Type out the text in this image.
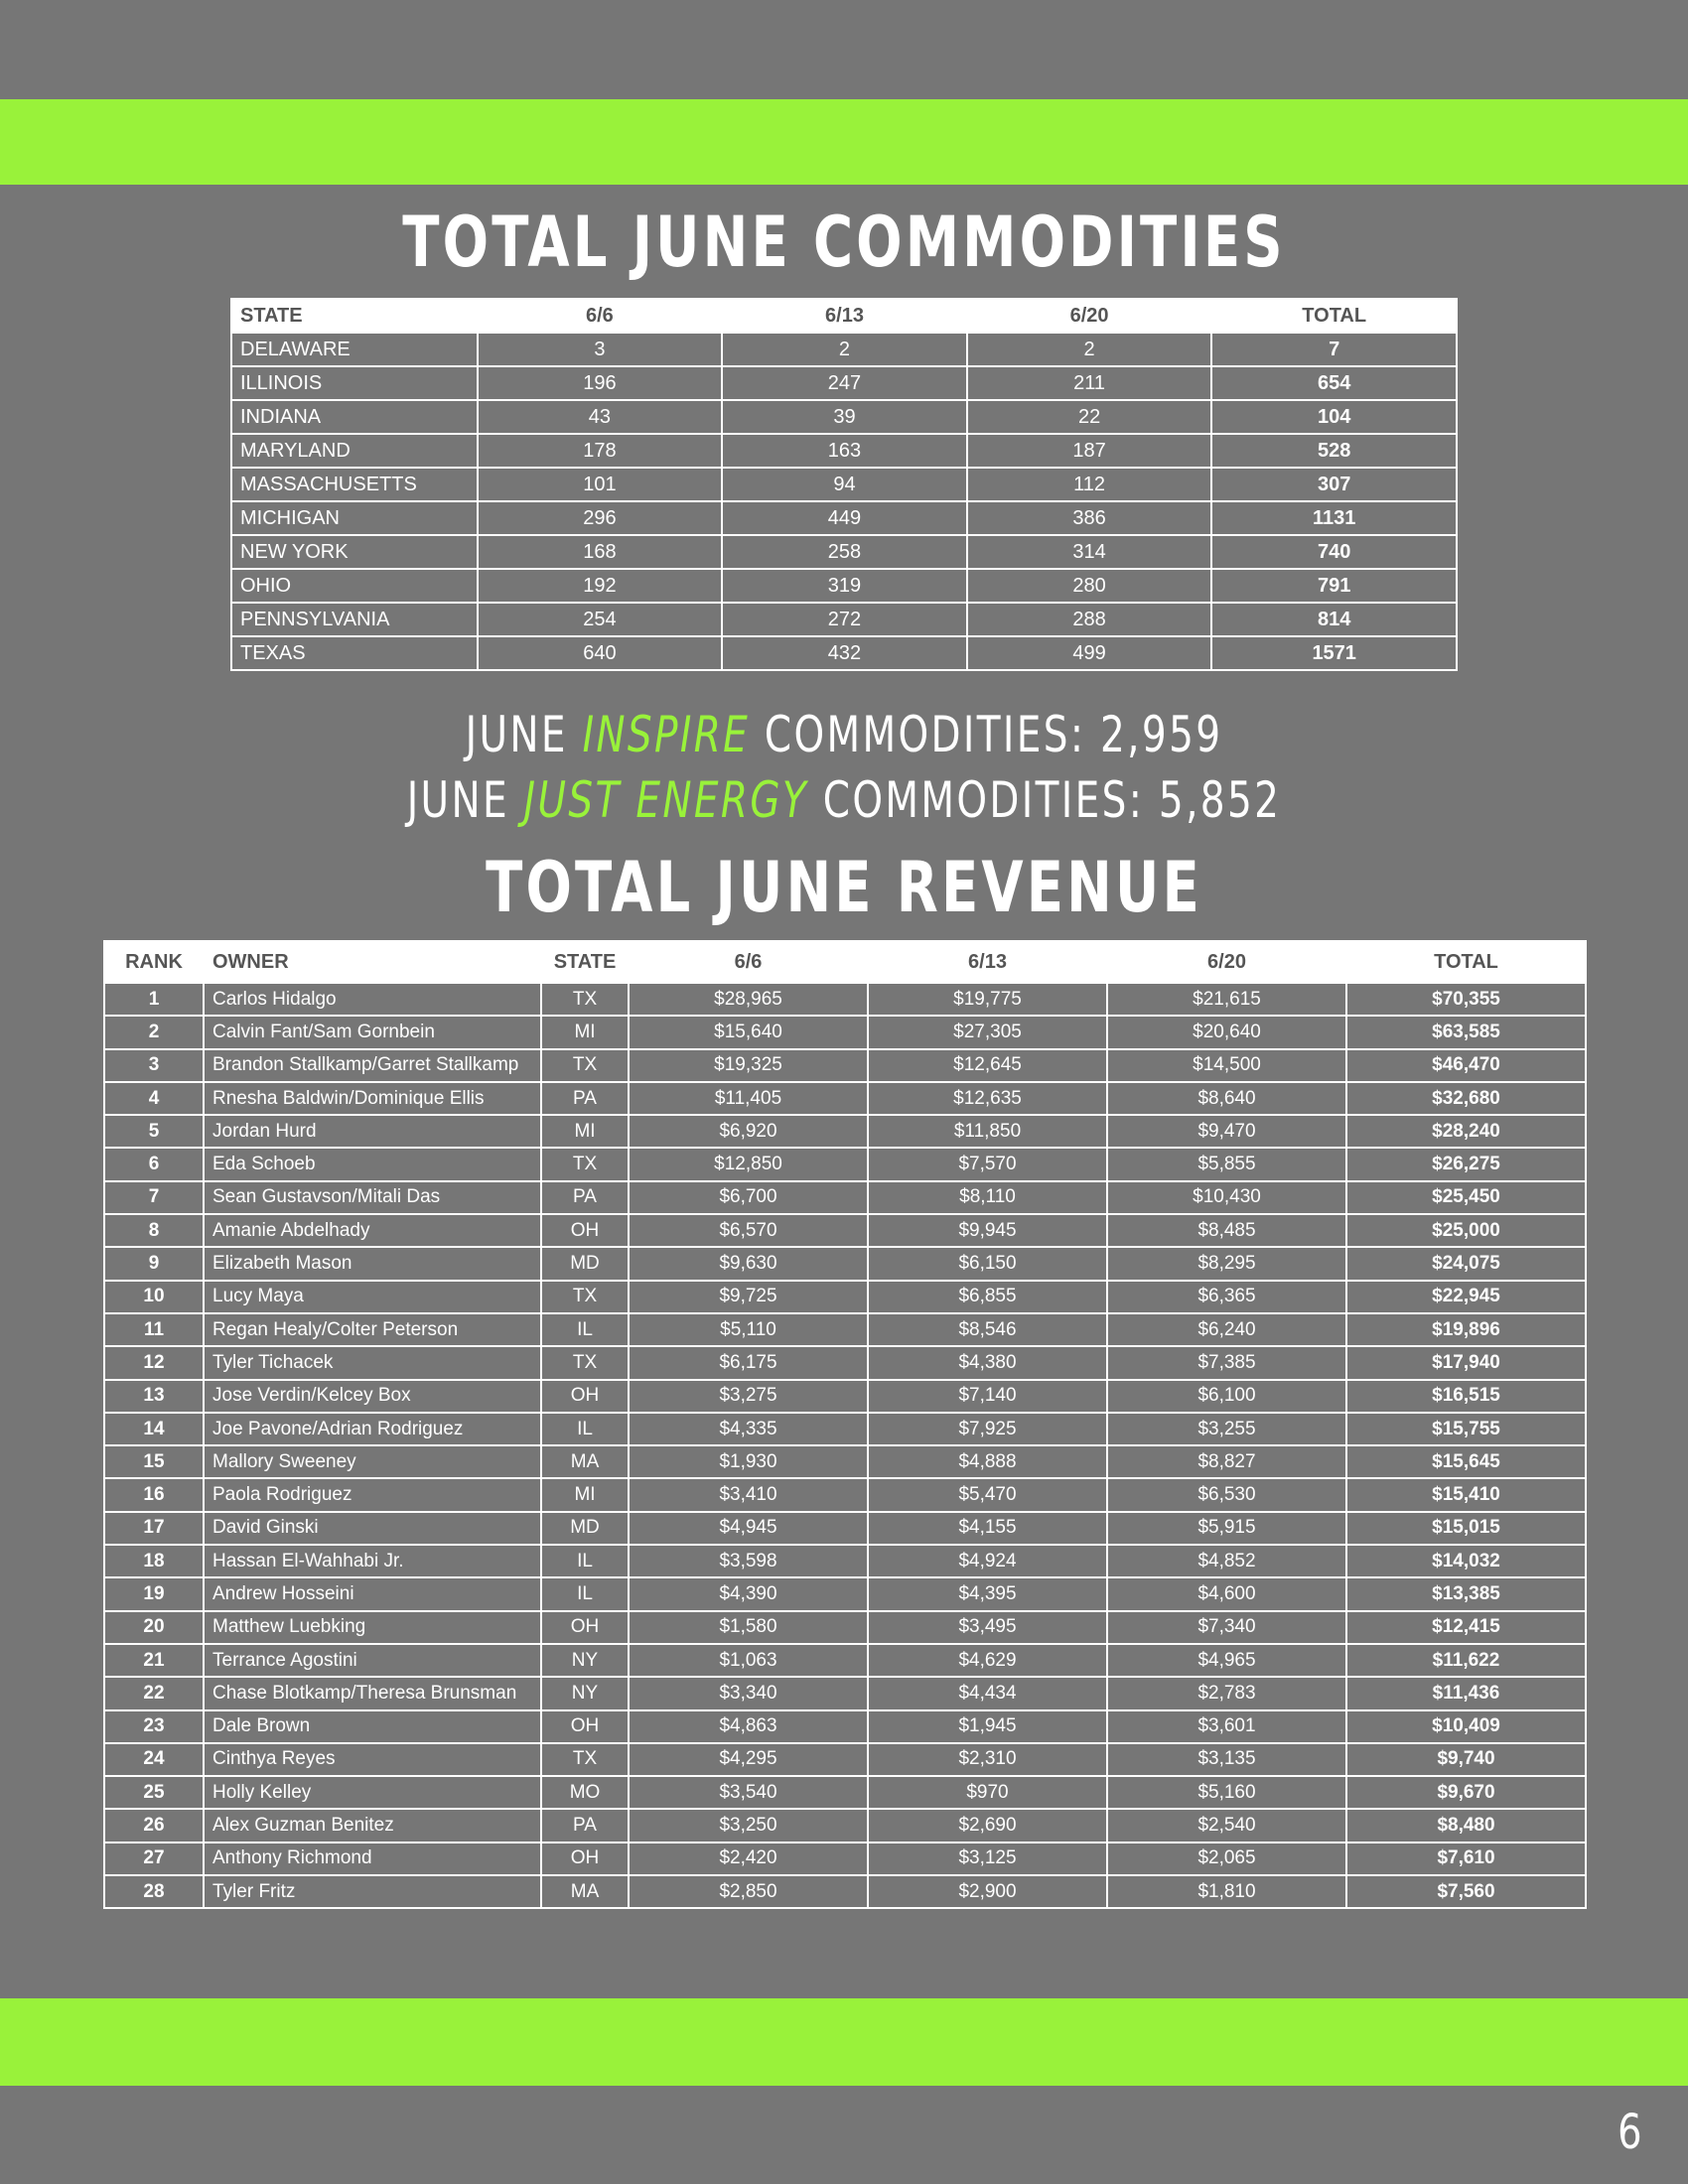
TOTAL JUNE COMMODITIES
STATE	6/6	6/13	6/20	TOTAL
DELAWARE	3	2	2	7
ILLINOIS	196	247	211	654
INDIANA	43	39	22	104
MARYLAND	178	163	187	528
MASSACHUSETTS	101	94	112	307
MICHIGAN	296	449	386	1131
NEW YORK	168	258	314	740
OHIO	192	319	280	791
PENNSYLVANIA	254	272	288	814
TEXAS	640	432	499	1571
JUNE INSPIRE COMMODITIES: 2,959
JUNE JUST ENERGY COMMODITIES: 5,852
TOTAL JUNE REVENUE
RANK	OWNER	STATE	6/6	6/13	6/20	TOTAL
1	Carlos Hidalgo	TX	$28,965	$19,775	$21,615	$70,355
2	Calvin Fant/Sam Gornbein	MI	$15,640	$27,305	$20,640	$63,585
3	Brandon Stallkamp/Garret Stallkamp	TX	$19,325	$12,645	$14,500	$46,470
4	Rnesha Baldwin/Dominique Ellis	PA	$11,405	$12,635	$8,640	$32,680
5	Jordan Hurd	MI	$6,920	$11,850	$9,470	$28,240
6	Eda Schoeb	TX	$12,850	$7,570	$5,855	$26,275
7	Sean Gustavson/Mitali Das	PA	$6,700	$8,110	$10,430	$25,450
8	Amanie Abdelhady	OH	$6,570	$9,945	$8,485	$25,000
9	Elizabeth Mason	MD	$9,630	$6,150	$8,295	$24,075
10	Lucy Maya	TX	$9,725	$6,855	$6,365	$22,945
11	Regan Healy/Colter Peterson	IL	$5,110	$8,546	$6,240	$19,896
12	Tyler Tichacek	TX	$6,175	$4,380	$7,385	$17,940
13	Jose Verdin/Kelcey Box	OH	$3,275	$7,140	$6,100	$16,515
14	Joe Pavone/Adrian Rodriguez	IL	$4,335	$7,925	$3,255	$15,755
15	Mallory Sweeney	MA	$1,930	$4,888	$8,827	$15,645
16	Paola Rodriguez	MI	$3,410	$5,470	$6,530	$15,410
17	David Ginski	MD	$4,945	$4,155	$5,915	$15,015
18	Hassan El-Wahhabi Jr.	IL	$3,598	$4,924	$4,852	$14,032
19	Andrew Hosseini	IL	$4,390	$4,395	$4,600	$13,385
20	Matthew Luebking	OH	$1,580	$3,495	$7,340	$12,415
21	Terrance Agostini	NY	$1,063	$4,629	$4,965	$11,622
22	Chase Blotkamp/Theresa Brunsman	NY	$3,340	$4,434	$2,783	$11,436
23	Dale Brown	OH	$4,863	$1,945	$3,601	$10,409
24	Cinthya Reyes	TX	$4,295	$2,310	$3,135	$9,740
25	Holly Kelley	MO	$3,540	$970	$5,160	$9,670
26	Alex Guzman Benitez	PA	$3,250	$2,690	$2,540	$8,480
27	Anthony Richmond	OH	$2,420	$3,125	$2,065	$7,610
28	Tyler Fritz	MA	$2,850	$2,900	$1,810	$7,560
6
